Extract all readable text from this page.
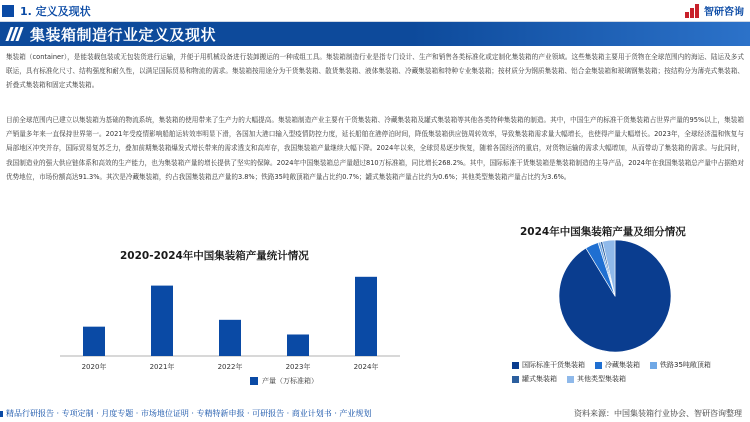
1. 定义及现状	智研咨询
集装箱制造行业定义及现状
集装箱（container），是能装载包装或无包装货进行运输，并便于用机械设备进行装卸搬运的一种成组工具。集装箱制造行业是指专门设计、生产和销售各类标准化或定制化集装箱的产业领域。这些集装箱主要用于货物在全球范围内的海运、陆运及多式联运，具有标准化尺寸、结构强度和耐久性，以满足国际贸易和物流的需求。集装箱按用途分为干货集装箱、散货集装箱、液体集装箱、冷藏集装箱和特种专业集装箱；按材质分为钢质集装箱、铝合金集装箱和玻璃钢集装箱；按结构分为薄壳式集装箱、折叠式集装箱和固定式集装箱。
目前全球范围内已建立以集装箱为基础的物流系统，集装箱的使用带来了生产力的大幅提高。集装箱制造产业主要有干货集装箱、冷藏集装箱及罐式集装箱等其他各类特种集装箱的制造。其中，中国生产的标准干货集装箱占世界产量的95%以上，集装箱产销量多年来一直保持世界第一。2021年受疫情影响船舶运转效率明显下滑，各国加大港口输入型疫情防控力度，延长船舶在港停泊时间，降低集装箱供应链周转效率，导致集装箱需求量大幅增长，也使得产量大幅增长。2023年，全球经济温和恢复与局部地区冲突并存，国际贸易复苏乏力，叠加前期集装箱爆发式增长带来的需求透支和高库存，我国集装箱产量继续大幅下降。2024年以来，全球贸易逐步恢复，随着各国经济的重启，对货物运输的需求大幅增加，从而带动了集装箱的需求。与此同时，我国制造业的强大供应链体系和高效的生产能力，也为集装箱产量的增长提供了坚实的保障。2024年中国集装箱总产量超过810万标准箱，同比增长268.2%。其中，国际标准干货集装箱是集装箱制造的主导产品，2024年在我国集装箱总产量中占据绝对优势地位，市场份额高达91.3%。其次是冷藏集装箱，约占我国集装箱总产量的3.8%；铁路35吨敞顶箱产量占比约0.7%；罐式集装箱产量占比约为0.6%；其他类型集装箱产量占比约为3.6%。
2020-2024年中国集装箱产量统计情况
2020年	2021年	2022年	2023年	2024年
产量（万标准箱）
2024年中国集装箱产量及细分情况
国际标准干货集装箱	冷藏集装箱	铁路35吨敞顶箱
罐式集装箱	其他类型集装箱
精品行研报告 · 专项定制 · 月度专题 · 市场地位证明 · 专精特新申报 · 可研报告 · 商业计划书 · 产业规划	资料来源：中国集装箱行业协会、智研咨询整理
